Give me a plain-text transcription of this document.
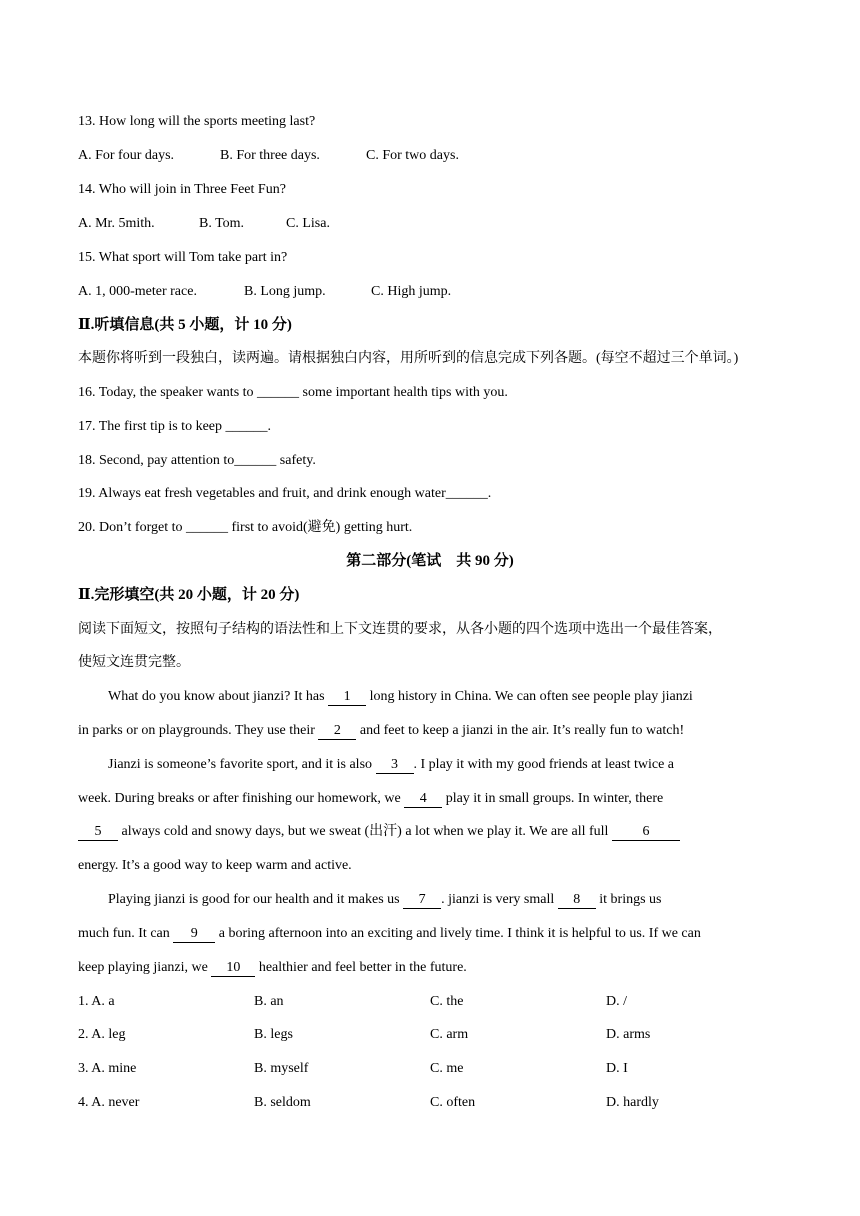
13. How long will the sports meeting last?
A. For four days.	B. For three days.	C. For two days.
14. Who will join in Three Feet Fun?
A. Mr. 5mith.	B. Tom.	C. Lisa.
15. What sport will Tom take part in?
A. 1, 000-meter race.	B. Long jump.	C. High jump.
Ⅱ.听填信息(共 5 小题，计 10 分)
本题你将听到一段独白，读两遍。请根据独白内容，用所听到的信息完成下列各题。(每空不超过三个单词。)
16. Today, the speaker wants to ______ some important health tips with you.
17. The first tip is to keep ______.
18. Second, pay attention to______ safety.
19. Always eat fresh vegetables and fruit, and drink enough water______.
20. Don’t forget to ______ first to avoid(避免) getting hurt.
第二部分(笔试　共 90 分)
Ⅱ.完形填空(共 20 小题，计 20 分)
阅读下面短文，按照句子结构的语法性和上下文连贯的要求，从各小题的四个选项中选出一个最佳答案，
使短文连贯完整。
What do you know about jianzi? It has 1 long history in China. We can often see people play jianzi
in parks or on playgrounds. They use their 2 and feet to keep a jianzi in the air. It’s really fun to watch!
Jianzi is someone’s favorite sport, and it is also 3 . I play it with my good friends at least twice a
week. During breaks or after finishing our homework, we 4 play it in small groups. In winter, there
5 always cold and snowy days, but we sweat (出汗) a lot when we play it. We are all full 6
energy. It’s a good way to keep warm and active.
Playing jianzi is good for our health and it makes us 7 . jianzi is very small 8 it brings us
much fun. It can 9 a boring afternoon into an exciting and lively time. I think it is helpful to us. If we can
keep playing jianzi, we 10 healthier and feel better in the future.
1. A. a	B. an	C. the	D. /
2. A. leg	B. legs	C. arm	D. arms
3. A. mine	B. myself	C. me	D. I
4. A. never	B. seldom	C. often	D. hardly
